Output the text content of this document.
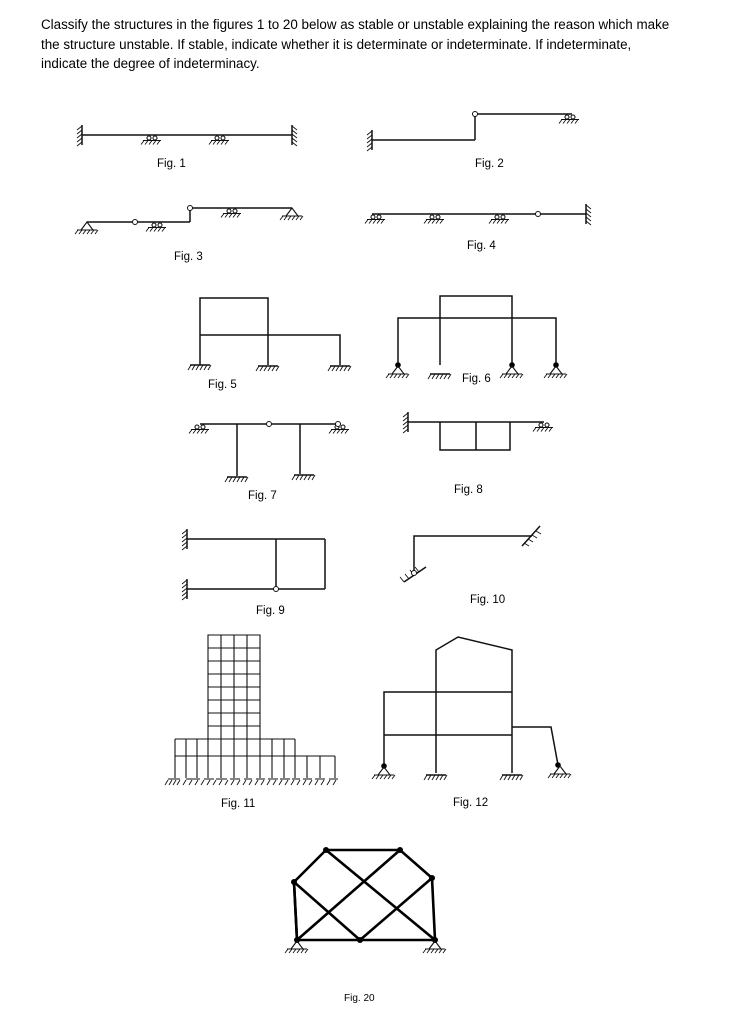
Classify the structures in the figures 1 to 20 below as stable or unstable explaining the reason which make the structure unstable. If stable, indicate whether it is determinate or indeterminate. If indeterminate, indicate the degree of indeterminacy.

Fig. 1	Fig. 2
Fig. 3
Fig. 4
Fig. 5	Fig. 6
Fig. 7	Fig. 8
Fig. 9
Fig. 10
Fig. 11	Fig. 12
Fig. 20
